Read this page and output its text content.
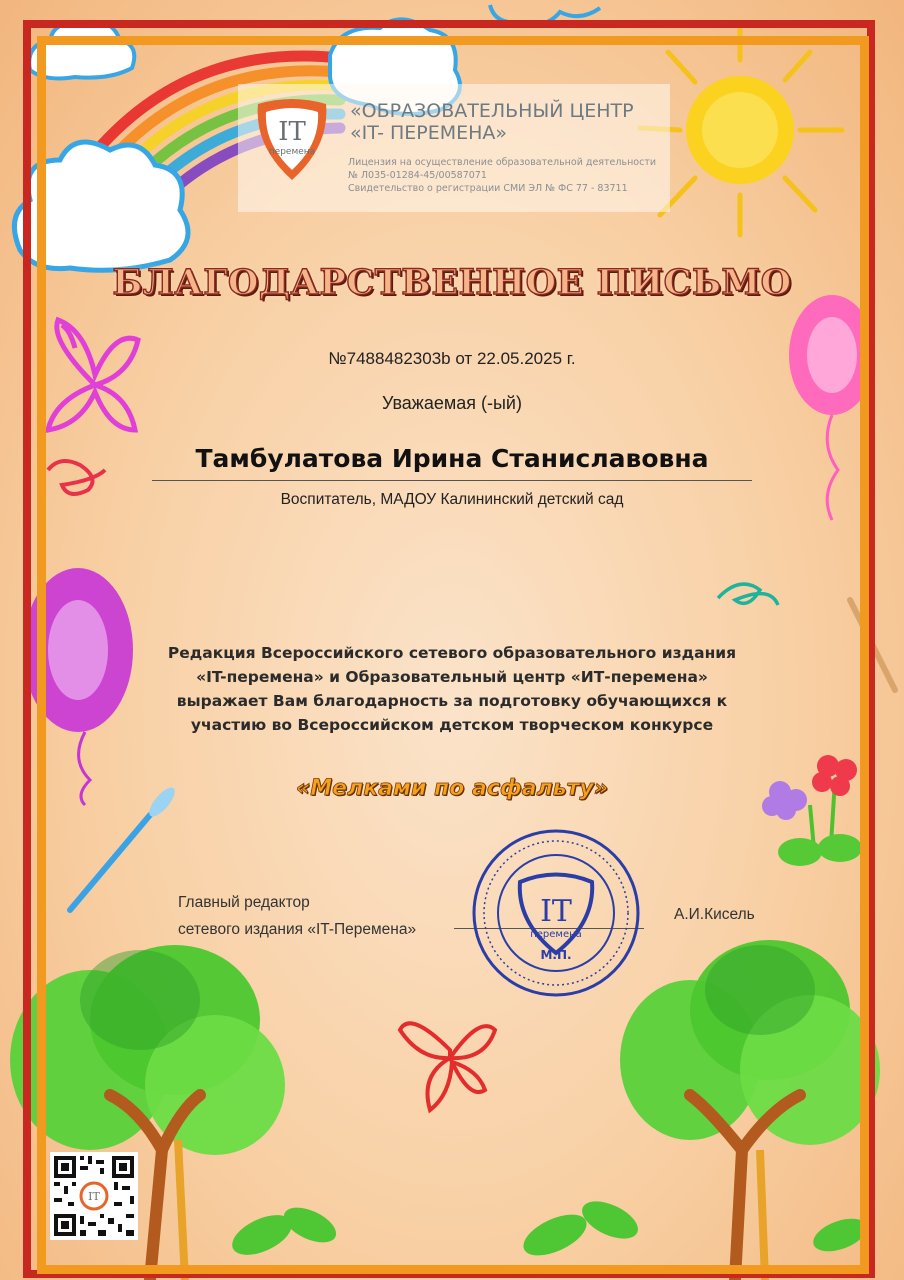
IT
перемена
«ОБРАЗОВАТЕЛЬНЫЙ ЦЕНТР
«IT- ПЕРЕМЕНА»
Лицензия на осуществление образовательной деятельности
№ Л035-01284-45/00587071
Свидетельство о регистрации СМИ ЭЛ № ФС 77 - 83711
БЛАГОДАРСТВЕННОЕ ПИСЬМО
№7488482303b от 22.05.2025 г.
Уважаемая (-ый)
Тамбулатова Ирина Станиславовна
Воспитатель, МАДОУ Калининский детский сад
Редакция Всероссийского сетевого образовательного издания
«IT-перемена» и Образовательный центр «ИТ-перемена»
выражает Вам благодарность за подготовку обучающихся к
участию во Всероссийском детском творческом конкурсе
«Мелками по асфальту»
Главный редактор
сетевого издания «IT-Перемена»
А.И.Кисель
IT
перемена
М.П.
IT
